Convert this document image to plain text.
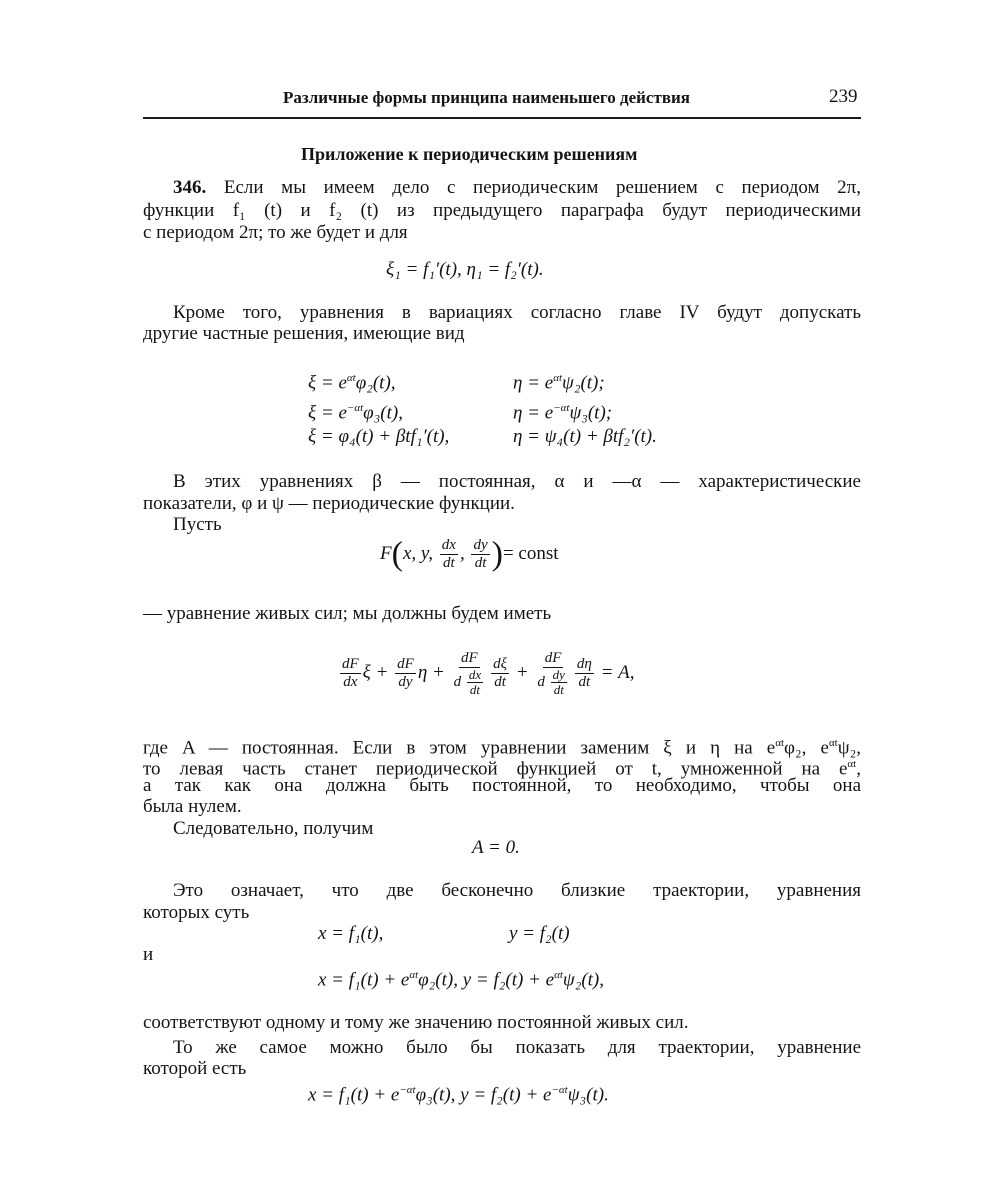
Различные формы принципа наименьшего действия	239
Приложение к периодическим решениям
346. Если мы имеем дело с периодическим решением с периодом 2π,
функции f₁ (t) и f₂ (t) из предыдущего параграфа будут периодическими
с периодом 2π; то же будет и для
ξ₁ = f₁′(t), η₁ = f₂′(t).
Кроме того, уравнения в вариациях согласно главе IV будут допускать
другие частные решения, имеющие вид
$\xi = e^{\alpha t}\varphi_2(t)$,	$\eta = e^{\alpha t}\psi_2(t)$;
$\xi = e^{-\alpha t}\varphi_3(t)$,	$\eta = e^{-\alpha t}\psi_3(t)$;
ξ = φ₄(t) + βtf₁′(t),	η = ψ₄(t) + βtf₂′(t).
В этих уравнениях β — постоянная, α и —α — характеристические
показатели, φ и ψ — периодические функции.
Пусть
F(x, y, $\frac{dx}{dt}$ , $\frac{dy}{dt}$ )= const
— уравнение живых сил; мы должны будем иметь
$\frac{dF}{dx}$ $\xi + \frac{dF}{dy}$ $\eta + \frac{dF}{d \frac{dx}{dt}} \frac{d\xi}{dt} + \frac{dF}{d \frac{dy}{dt}} \frac{d\eta}{dt} = A$,
где A — постоянная. Если в этом уравнении заменим ξ и η на $e^{\alpha t}\varphi_2$, $e^{\alpha t}\psi_2$,
то левая часть станет периодической функцией от t, умноженной на $e^{\alpha t}$,
а так как она должна быть постоянной, то необходимо, чтобы она
была нулем.
Следовательно, получим
A = 0.
Это означает, что две бесконечно близкие траектории, уравнения
которых суть
x = f₁(t),	y = f₂(t)
и
$x = f_1(t) + e^{\alpha t}\varphi_2(t)$, $y = f_2(t) + e^{\alpha t}\psi_2(t)$,
соответствуют одному и тому же значению постоянной живых сил.
То же самое можно было бы показать для траектории, уравнение
которой есть
$x = f_1(t) + e^{-\alpha t}\varphi_3(t)$, $y = f_2(t) + e^{-\alpha t}\psi_3(t)$.
